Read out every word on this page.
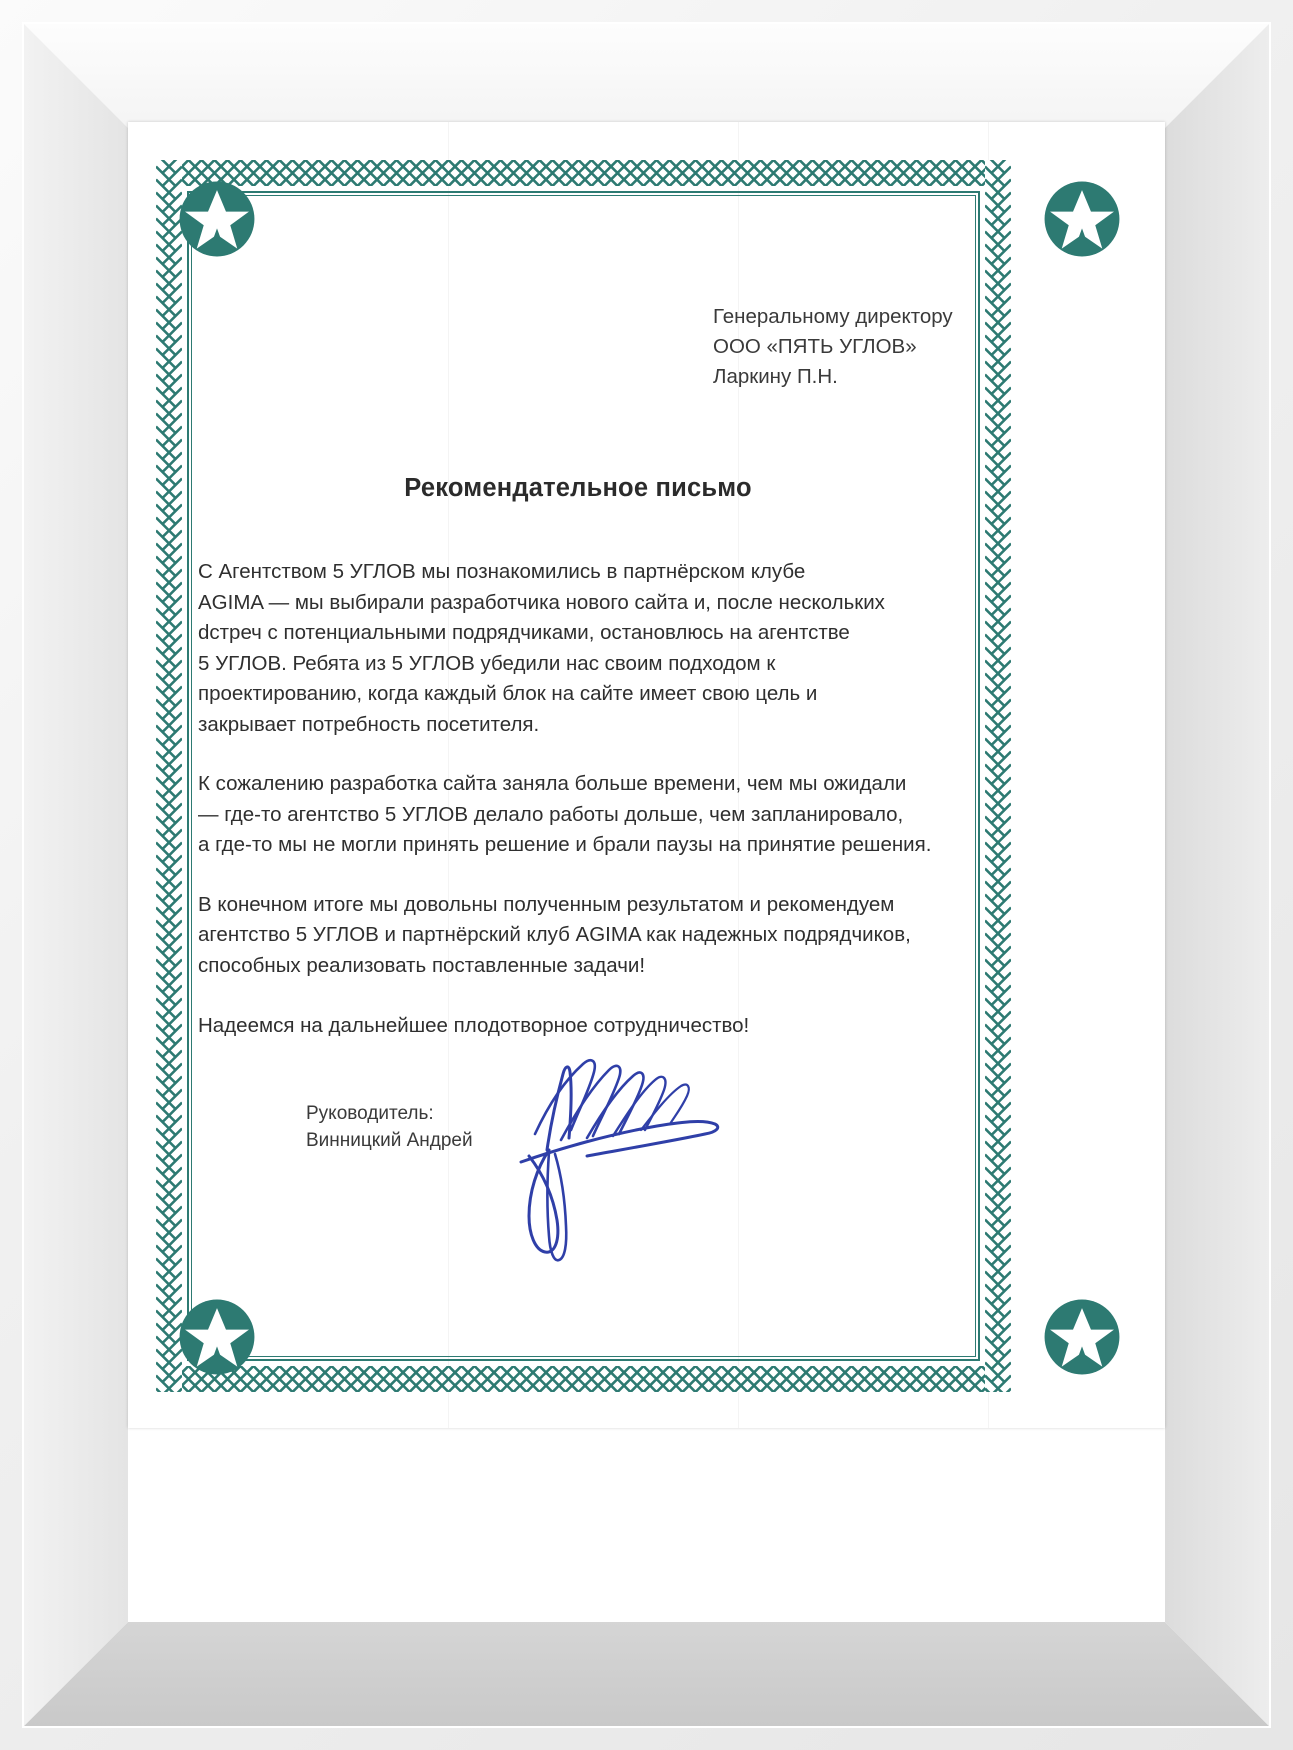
Генеральному директору
ООО «ПЯТЬ УГЛОВ»
Ларкину П.Н.
Рекомендательное письмо
С Агентством 5 УГЛОВ мы познакомились в партнёрском клубе
AGIMA — мы выбирали разработчика нового сайта и, после нескольких
dстреч с потенциальными подрядчиками, остановлюсь на агентстве
5 УГЛОВ. Ребята из 5 УГЛОВ убедили нас своим подходом к
проектированию, когда каждый блок на сайте имеет свою цель и
закрывает потребность посетителя.
К сожалению разработка сайта заняла больше времени, чем мы ожидали
— где-то агентство 5 УГЛОВ делало работы дольше, чем запланировало,
а где-то мы не могли принять решение и брали паузы на принятие решения.
В конечном итоге мы довольны полученным результатом и рекомендуем
агентство 5 УГЛОВ и партнёрский клуб AGIMA как надежных подрядчиков,
способных реализовать поставленные задачи!
Надеемся на дальнейшее плодотворное сотрудничество!
Руководитель:
Винницкий Андрей
